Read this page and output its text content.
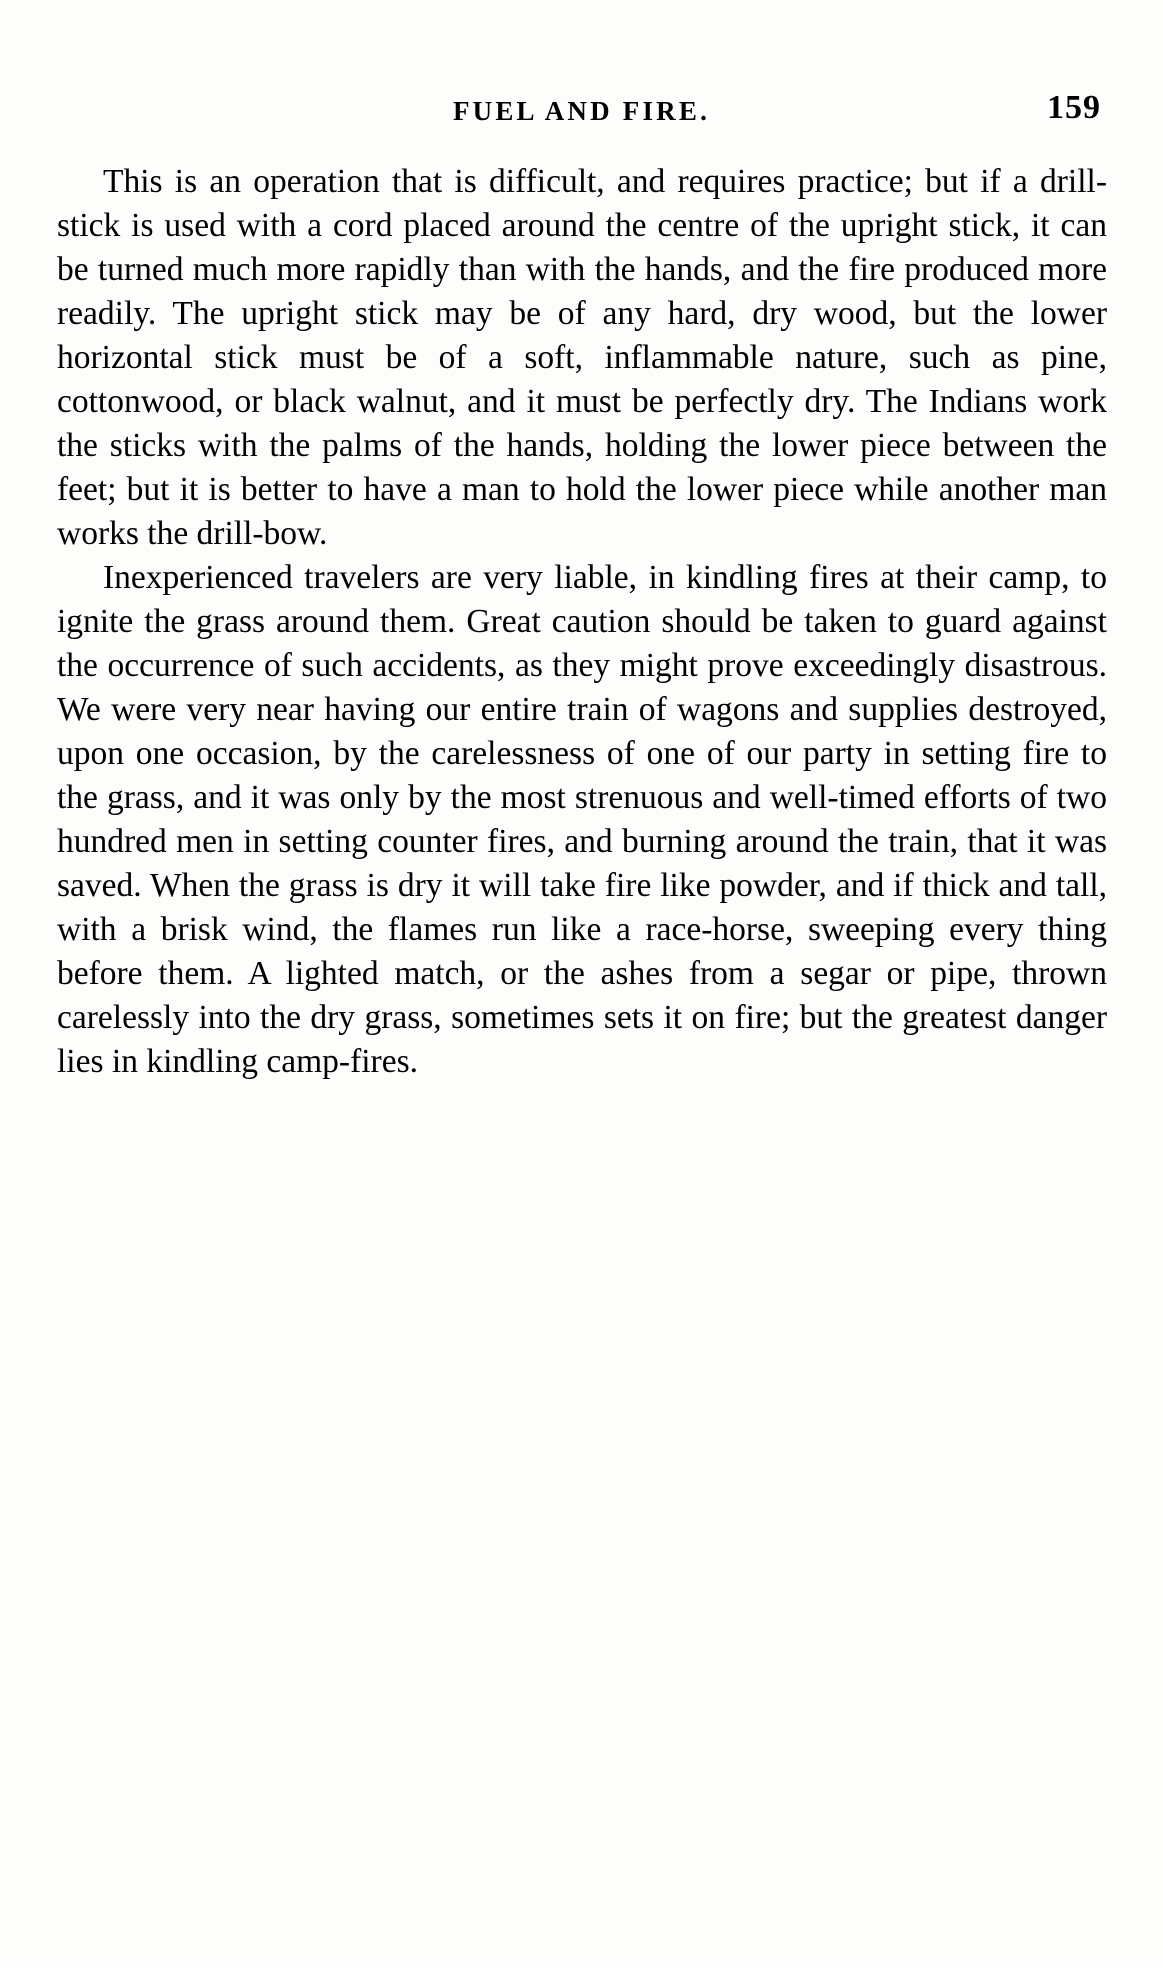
FUEL AND FIRE.	159

This is an operation that is difficult, and requires practice; but if a drill-stick is used with a cord placed around the centre of the upright stick, it can be turned much more rapidly than with the hands, and the fire produced more readily. The upright stick may be of any hard, dry wood, but the lower horizontal stick must be of a soft, inflammable nature, such as pine, cottonwood, or black walnut, and it must be perfectly dry. The Indians work the sticks with the palms of the hands, holding the lower piece between the feet; but it is better to have a man to hold the lower piece while another man works the drill-bow.

Inexperienced travelers are very liable, in kindling fires at their camp, to ignite the grass around them. Great caution should be taken to guard against the occurrence of such accidents, as they might prove exceedingly disastrous. We were very near having our entire train of wagons and supplies destroyed, upon one occasion, by the carelessness of one of our party in setting fire to the grass, and it was only by the most strenuous and well-timed efforts of two hundred men in setting counter fires, and burning around the train, that it was saved. When the grass is dry it will take fire like powder, and if thick and tall, with a brisk wind, the flames run like a race-horse, sweeping every thing before them. A lighted match, or the ashes from a segar or pipe, thrown carelessly into the dry grass, sometimes sets it on fire; but the greatest danger lies in kindling camp-fires.
